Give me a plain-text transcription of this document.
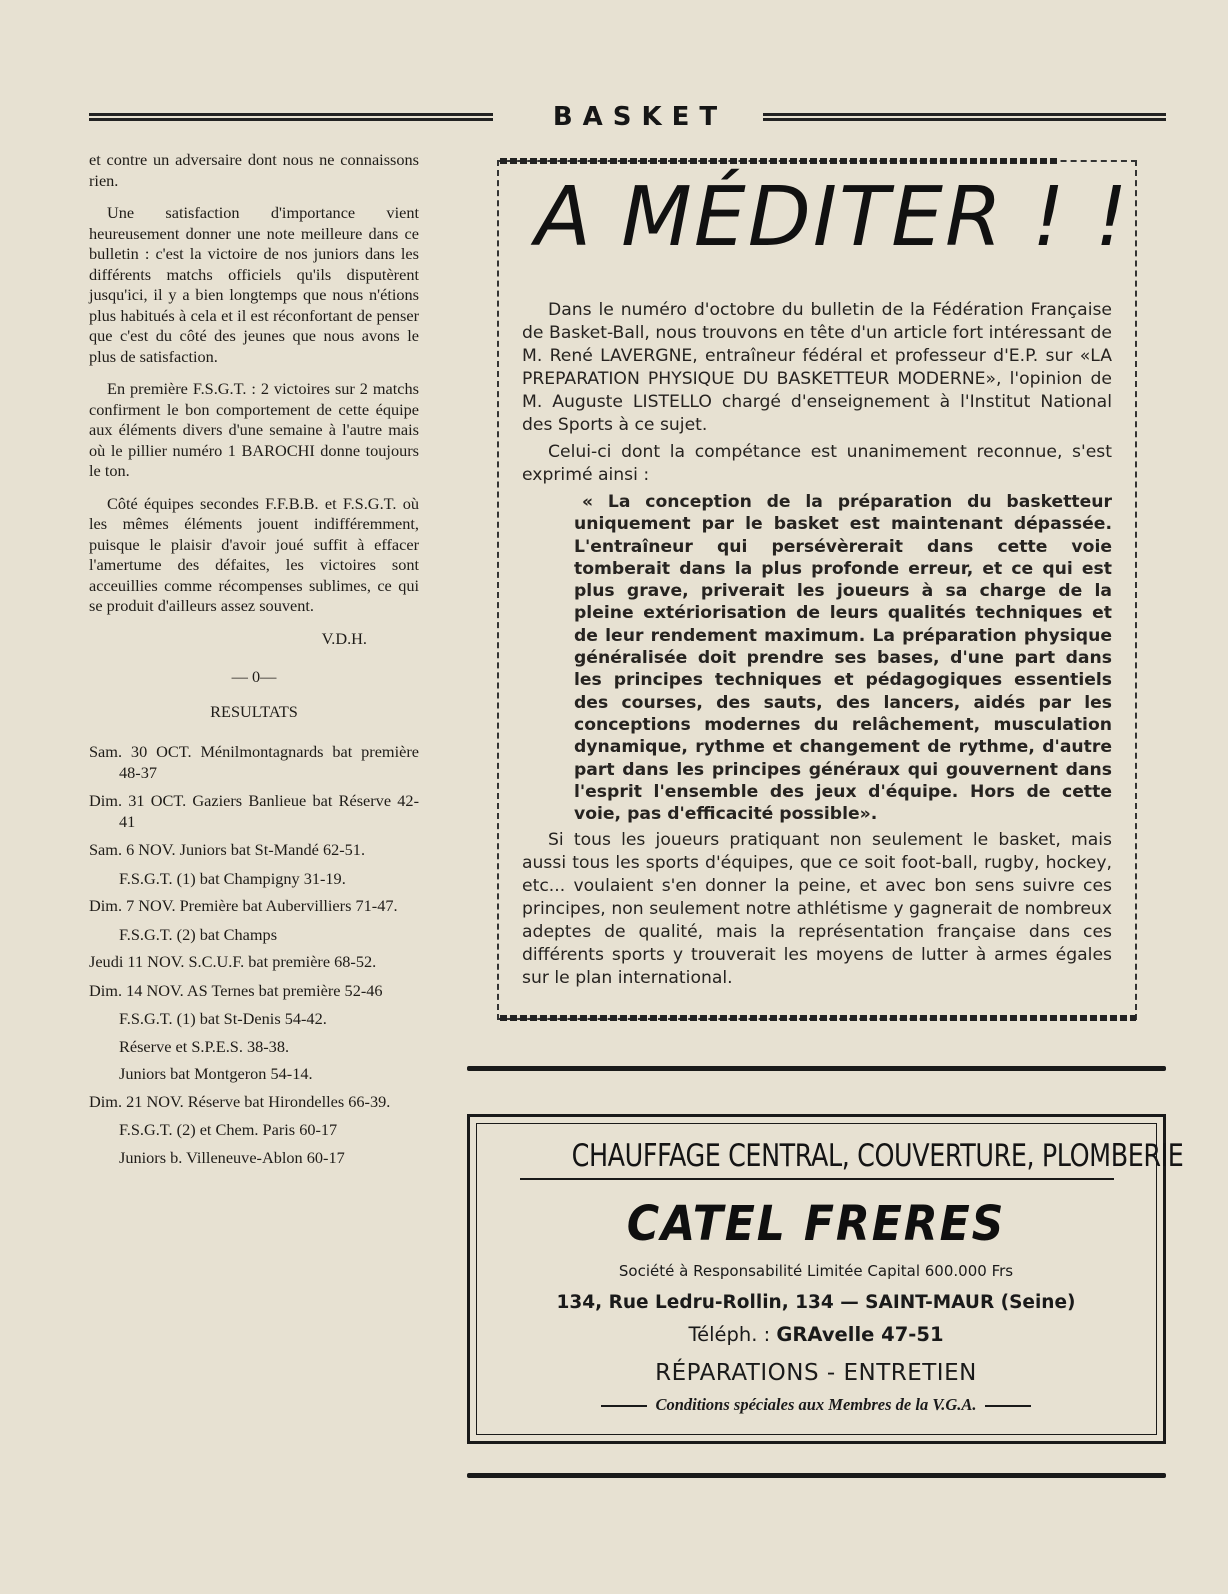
BASKET

et contre un adversaire dont nous ne connaissons rien.

Une satisfaction d'importance vient heureusement donner une note meilleure dans ce bulletin : c'est la victoire de nos juniors dans les différents matchs officiels qu'ils disputèrent jusqu'ici, il y a bien longtemps que nous n'étions plus habitués à cela et il est réconfortant de penser que c'est du côté des jeunes que nous avons le plus de satisfaction.

En première F.S.G.T. : 2 victoires sur 2 matchs confirment le bon comportement de cette équipe aux éléments divers d'une semaine à l'autre mais où le pillier numéro 1 BAROCHI donne toujours le ton.

Côté équipes secondes F.F.B.B. et F.S.G.T. où les mêmes éléments jouent indifféremment, puisque le plaisir d'avoir joué suffit à effacer l'amertume des défaites, les victoires sont acceuillies comme récompenses sublimes, ce qui se produit d'ailleurs assez souvent.

V.D.H.

— 0—

RESULTATS

Sam. 30 OCT. Ménilmontagnards bat première 48-37

Dim. 31 OCT. Gaziers Banlieue bat Réserve 42-41

Sam. 6 NOV. Juniors bat St-Mandé 62-51.

F.S.G.T. (1) bat Champigny 31-19.

Dim. 7 NOV. Première bat Aubervilliers 71-47.

F.S.G.T. (2) bat Champs

Jeudi 11 NOV. S.C.U.F. bat première 68-52.

Dim. 14 NOV. AS Ternes bat première 52-46

F.S.G.T. (1) bat St-Denis 54-42.

Réserve et S.P.E.S. 38-38.

Juniors bat Montgeron 54-14.

Dim. 21 NOV. Réserve bat Hirondelles 66-39.

F.S.G.T. (2) et Chem. Paris 60-17

Juniors b. Villeneuve-Ablon 60-17

A MÉDITER ! !

Dans le numéro d'octobre du bulletin de la Fédération Française de Basket-Ball, nous trouvons en tête d'un article fort intéressant de M. René LAVERGNE, entraîneur fédéral et professeur d'E.P. sur «LA PREPARATION PHYSIQUE DU BASKETTEUR MODERNE», l'opinion de M. Auguste LISTELLO chargé d'enseignement à l'Institut National des Sports à ce sujet.

Celui-ci dont la compétance est unanimement reconnue, s'est exprimé ainsi :

« La conception de la préparation du basketteur uniquement par le basket est maintenant dépassée. L'entraîneur qui persévèrerait dans cette voie tomberait dans la plus profonde erreur, et ce qui est plus grave, priverait les joueurs à sa charge de la pleine extériorisation de leurs qualités techniques et de leur rendement maximum. La préparation physique généralisée doit prendre ses bases, d'une part dans les principes techniques et pédagogiques essentiels des courses, des sauts, des lancers, aidés par les conceptions modernes du relâchement, musculation dynamique, rythme et changement de rythme, d'autre part dans les principes généraux qui gouvernent dans l'esprit l'ensemble des jeux d'équipe. Hors de cette voie, pas d'efficacité possible».

Si tous les joueurs pratiquant non seulement le basket, mais aussi tous les sports d'équipes, que ce soit foot-ball, rugby, hockey, etc... voulaient s'en donner la peine, et avec bon sens suivre ces principes, non seulement notre athlétisme y gagnerait de nombreux adeptes de qualité, mais la représentation française dans ces différents sports y trouverait les moyens de lutter à armes égales sur le plan international.

CHAUFFAGE CENTRAL, COUVERTURE, PLOMBERIE
CATEL FRERES
Société à Responsabilité Limitée Capital 600.000 Frs
134, Rue Ledru-Rollin, 134 — SAINT-MAUR (Seine)
Téléph. : GRAvelle 47-51
RÉPARATIONS - ENTRETIEN
Conditions spéciales aux Membres de la V.G.A.
